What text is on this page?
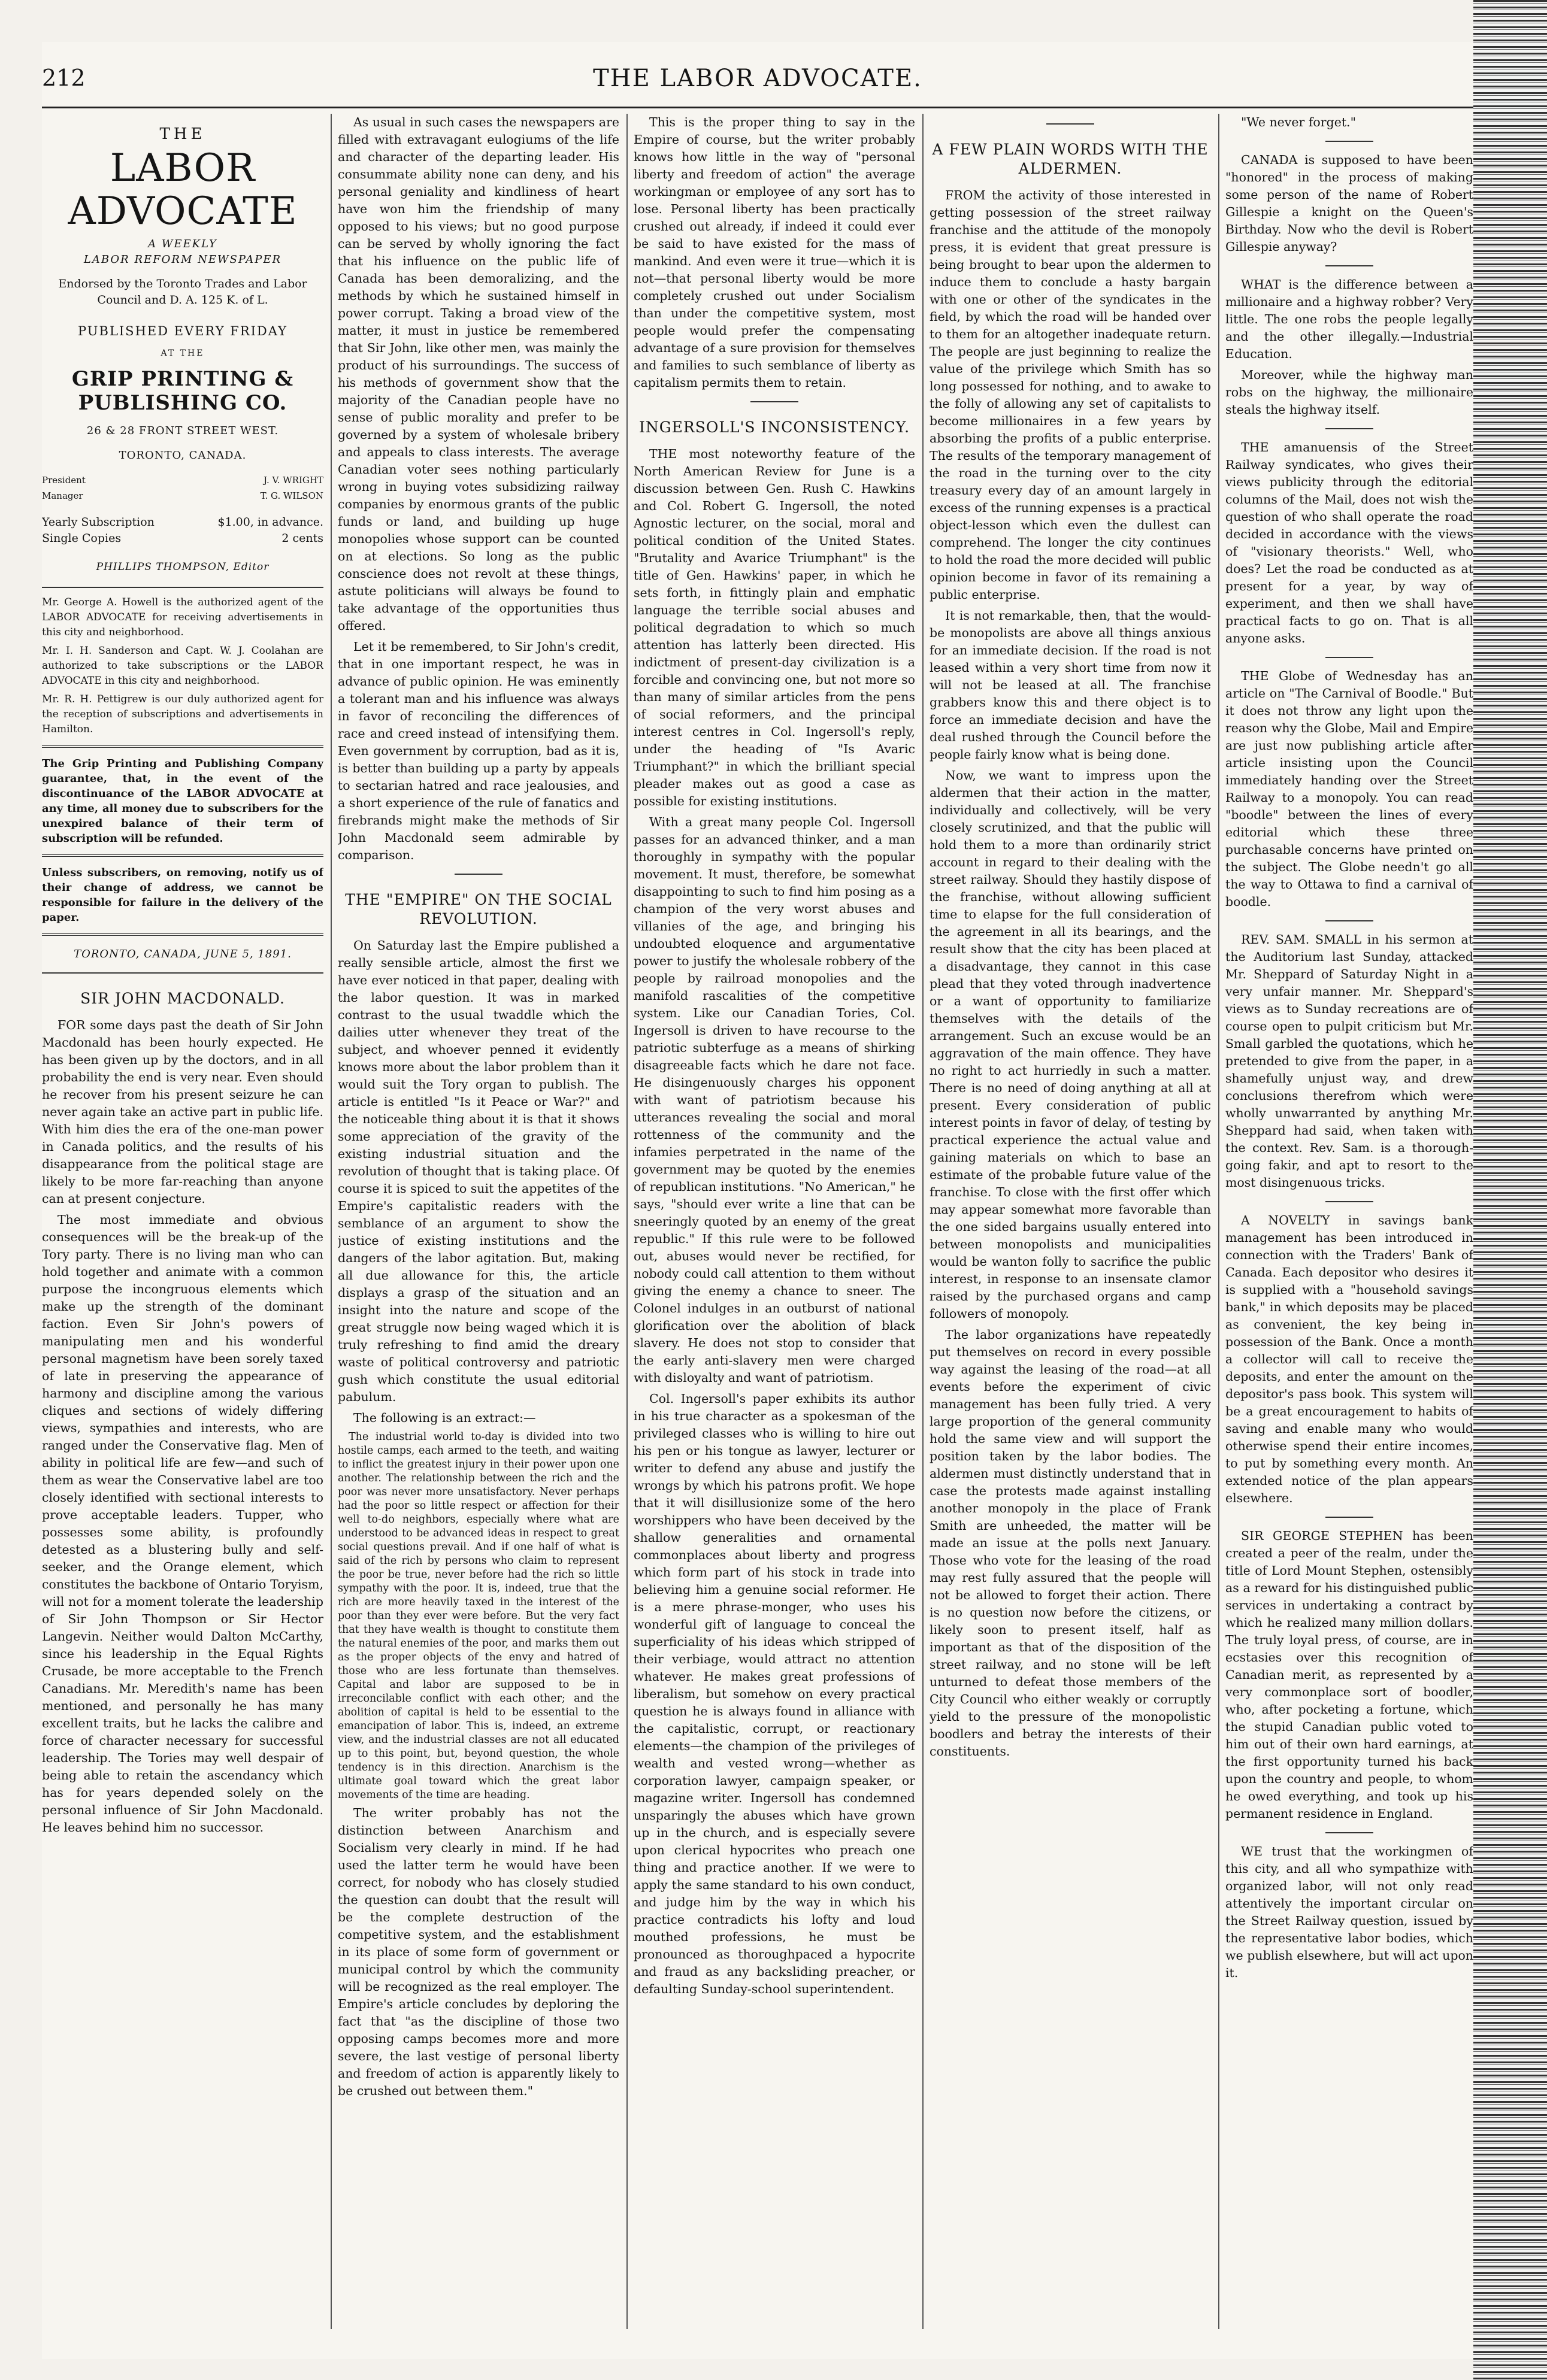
212	THE LABOR ADVOCATE.
THE
LABOR ADVOCATE
A WEEKLY
LABOR REFORM NEWSPAPER
Endorsed by the Toronto Trades and Labor Council and D. A. 125 K. of L.
PUBLISHED EVERY FRIDAY
AT THE
GRIP PRINTING & PUBLISHING CO.
26 & 28 FRONT STREET WEST.
TORONTO, CANADA.
President	J. V. WRIGHT
Manager	T. G. WILSON
Yearly Subscription	$1.00, in advance.
Single Copies	2 cents
PHILLIPS THOMPSON, Editor
Mr. George A. Howell is the authorized agent of the LABOR ADVOCATE for receiving advertisements in this city and neighborhood.
Mr. I. H. Sanderson and Capt. W. J. Coolahan are authorized to take subscriptions or the LABOR ADVOCATE in this city and neighborhood.
Mr. R. H. Pettigrew is our duly authorized agent for the reception of subscriptions and advertisements in Hamilton.
The Grip Printing and Publishing Company guarantee, that, in the event of the discontinuance of the LABOR ADVOCATE at any time, all money due to subscribers for the unexpired balance of their term of subscription will be refunded.
Unless subscribers, on removing, notify us of their change of address, we cannot be responsible for failure in the delivery of the paper.
TORONTO, CANADA, JUNE 5, 1891.
SIR JOHN MACDONALD.

FOR some days past the death of Sir John Macdonald has been hourly expected. He has been given up by the doctors, and in all probability the end is very near. Even should he recover from his present seizure he can never again take an active part in public life. With him dies the era of the one-man power in Canada politics, and the results of his disappearance from the political stage are likely to be more far-reaching than anyone can at present conjecture.

The most immediate and obvious consequences will be the break-up of the Tory party. There is no living man who can hold together and animate with a common purpose the incongruous elements which make up the strength of the dominant faction. Even Sir John's powers of manipulating men and his wonderful personal magnetism have been sorely taxed of late in preserving the appearance of harmony and discipline among the various cliques and sections of widely differing views, sympathies and interests, who are ranged under the Conservative flag. Men of ability in political life are few—and such of them as wear the Conservative label are too closely identified with sectional interests to prove acceptable leaders. Tupper, who possesses some ability, is profoundly detested as a blustering bully and self-seeker, and the Orange element, which constitutes the backbone of Ontario Toryism, will not for a moment tolerate the leadership of Sir John Thompson or Sir Hector Langevin. Neither would Dalton McCarthy, since his leadership in the Equal Rights Crusade, be more acceptable to the French Canadians. Mr. Meredith's name has been mentioned, and personally he has many excellent traits, but he lacks the calibre and force of character necessary for successful leadership. The Tories may well despair of being able to retain the ascendancy which has for years depended solely on the personal influence of Sir John Macdonald. He leaves behind him no successor.

As usual in such cases the newspapers are filled with extravagant eulogiums of the life and character of the departing leader. His consummate ability none can deny, and his personal geniality and kindliness of heart have won him the friendship of many opposed to his views; but no good purpose can be served by wholly ignoring the fact that his influence on the public life of Canada has been demoralizing, and the methods by which he sustained himself in power corrupt. Taking a broad view of the matter, it must in justice be remembered that Sir John, like other men, was mainly the product of his surroundings. The success of his methods of government show that the majority of the Canadian people have no sense of public morality and prefer to be governed by a system of wholesale bribery and appeals to class interests. The average Canadian voter sees nothing particularly wrong in buying votes subsidizing railway companies by enormous grants of the public funds or land, and building up huge monopolies whose support can be counted on at elections. So long as the public conscience does not revolt at these things, astute politicians will always be found to take advantage of the opportunities thus offered.

Let it be remembered, to Sir John's credit, that in one important respect, he was in advance of public opinion. He was eminently a tolerant man and his influence was always in favor of reconciling the differences of race and creed instead of intensifying them. Even government by corruption, bad as it is, is better than building up a party by appeals to sectarian hatred and race jealousies, and a short experience of the rule of fanatics and firebrands might make the methods of Sir John Macdonald seem admirable by comparison.

THE "EMPIRE" ON THE SOCIAL REVOLUTION.

On Saturday last the Empire published a really sensible article, almost the first we have ever noticed in that paper, dealing with the labor question. It was in marked contrast to the usual twaddle which the dailies utter whenever they treat of the subject, and whoever penned it evidently knows more about the labor problem than it would suit the Tory organ to publish. The article is entitled "Is it Peace or War?" and the noticeable thing about it is that it shows some appreciation of the gravity of the existing industrial situation and the revolution of thought that is taking place. Of course it is spiced to suit the appetites of the Empire's capitalistic readers with the semblance of an argument to show the justice of existing institutions and the dangers of the labor agitation. But, making all due allowance for this, the article displays a grasp of the situation and an insight into the nature and scope of the great struggle now being waged which it is truly refreshing to find amid the dreary waste of political controversy and patriotic gush which constitute the usual editorial pabulum.

The following is an extract:—

The industrial world to-day is divided into two hostile camps, each armed to the teeth, and waiting to inflict the greatest injury in their power upon one another. The relationship between the rich and the poor was never more unsatisfactory. Never perhaps had the poor so little respect or affection for their well to-do neighbors, especially where what are understood to be advanced ideas in respect to great social questions prevail. And if one half of what is said of the rich by persons who claim to represent the poor be true, never before had the rich so little sympathy with the poor. It is, indeed, true that the rich are more heavily taxed in the interest of the poor than they ever were before. But the very fact that they have wealth is thought to constitute them the natural enemies of the poor, and marks them out as the proper objects of the envy and hatred of those who are less fortunate than themselves. Capital and labor are supposed to be in irreconcilable conflict with each other; and the abolition of capital is held to be essential to the emancipation of labor. This is, indeed, an extreme view, and the industrial classes are not all educated up to this point, but, beyond question, the whole tendency is in this direction. Anarchism is the ultimate goal toward which the great labor movements of the time are heading.

The writer probably has not the distinction between Anarchism and Socialism very clearly in mind. If he had used the latter term he would have been correct, for nobody who has closely studied the question can doubt that the result will be the complete destruction of the competitive system, and the establishment in its place of some form of government or municipal control by which the community will be recognized as the real employer. The Empire's article concludes by deploring the fact that "as the discipline of those two opposing camps becomes more and more severe, the last vestige of personal liberty and freedom of action is apparently likely to be crushed out between them."

This is the proper thing to say in the Empire of course, but the writer probably knows how little in the way of "personal liberty and freedom of action" the average workingman or employee of any sort has to lose. Personal liberty has been practically crushed out already, if indeed it could ever be said to have existed for the mass of mankind. And even were it true—which it is not—that personal liberty would be more completely crushed out under Socialism than under the competitive system, most people would prefer the compensating advantage of a sure provision for themselves and families to such semblance of liberty as capitalism permits them to retain.

INGERSOLL'S INCONSISTENCY.

THE most noteworthy feature of the North American Review for June is a discussion between Gen. Rush C. Hawkins and Col. Robert G. Ingersoll, the noted Agnostic lecturer, on the social, moral and political condition of the United States. "Brutality and Avarice Triumphant" is the title of Gen. Hawkins' paper, in which he sets forth, in fittingly plain and emphatic language the terrible social abuses and political degradation to which so much attention has latterly been directed. His indictment of present-day civilization is a forcible and convincing one, but not more so than many of similar articles from the pens of social reformers, and the principal interest centres in Col. Ingersoll's reply, under the heading of "Is Avaric Triumphant?" in which the brilliant special pleader makes out as good a case as possible for existing institutions.

With a great many people Col. Ingersoll passes for an advanced thinker, and a man thoroughly in sympathy with the popular movement. It must, therefore, be somewhat disappointing to such to find him posing as a champion of the very worst abuses and villanies of the age, and bringing his undoubted eloquence and argumentative power to justify the wholesale robbery of the people by railroad monopolies and the manifold rascalities of the competitive system. Like our Canadian Tories, Col. Ingersoll is driven to have recourse to the patriotic subterfuge as a means of shirking disagreeable facts which he dare not face. He disingenuously charges his opponent with want of patriotism because his utterances revealing the social and moral rottenness of the community and the infamies perpetrated in the name of the government may be quoted by the enemies of republican institutions. "No American," he says, "should ever write a line that can be sneeringly quoted by an enemy of the great republic." If this rule were to be followed out, abuses would never be rectified, for nobody could call attention to them without giving the enemy a chance to sneer. The Colonel indulges in an outburst of national glorification over the abolition of black slavery. He does not stop to consider that the early anti-slavery men were charged with disloyalty and want of patriotism.

Col. Ingersoll's paper exhibits its author in his true character as a spokesman of the privileged classes who is willing to hire out his pen or his tongue as lawyer, lecturer or writer to defend any abuse and justify the wrongs by which his patrons profit. We hope that it will disillusionize some of the hero worshippers who have been deceived by the shallow generalities and ornamental commonplaces about liberty and progress which form part of his stock in trade into believing him a genuine social reformer. He is a mere phrase-monger, who uses his wonderful gift of language to conceal the superficiality of his ideas which stripped of their verbiage, would attract no attention whatever. He makes great professions of liberalism, but somehow on every practical question he is always found in alliance with the capitalistic, corrupt, or reactionary elements—the champion of the privileges of wealth and vested wrong—whether as corporation lawyer, campaign speaker, or magazine writer. Ingersoll has condemned unsparingly the abuses which have grown up in the church, and is especially severe upon clerical hypocrites who preach one thing and practice another. If we were to apply the same standard to his own conduct, and judge him by the way in which his practice contradicts his lofty and loud mouthed professions, he must be pronounced as thoroughpaced a hypocrite and fraud as any backsliding preacher, or defaulting Sunday-school superintendent.

A FEW PLAIN WORDS WITH THE ALDERMEN.

FROM the activity of those interested in getting possession of the street railway franchise and the attitude of the monopoly press, it is evident that great pressure is being brought to bear upon the aldermen to induce them to conclude a hasty bargain with one or other of the syndicates in the field, by which the road will be handed over to them for an altogether inadequate return. The people are just beginning to realize the value of the privilege which Smith has so long possessed for nothing, and to awake to the folly of allowing any set of capitalists to become millionaires in a few years by absorbing the profits of a public enterprise. The results of the temporary management of the road in the turning over to the city treasury every day of an amount largely in excess of the running expenses is a practical object-lesson which even the dullest can comprehend. The longer the city continues to hold the road the more decided will public opinion become in favor of its remaining a public enterprise.

It is not remarkable, then, that the would-be monopolists are above all things anxious for an immediate decision. If the road is not leased within a very short time from now it will not be leased at all. The franchise grabbers know this and there object is to force an immediate decision and have the deal rushed through the Council before the people fairly know what is being done.

Now, we want to impress upon the aldermen that their action in the matter, individually and collectively, will be very closely scrutinized, and that the public will hold them to a more than ordinarily strict account in regard to their dealing with the street railway. Should they hastily dispose of the franchise, without allowing sufficient time to elapse for the full consideration of the agreement in all its bearings, and the result show that the city has been placed at a disadvantage, they cannot in this case plead that they voted through inadvertence or a want of opportunity to familiarize themselves with the details of the arrangement. Such an excuse would be an aggravation of the main offence. They have no right to act hurriedly in such a matter. There is no need of doing anything at all at present. Every consideration of public interest points in favor of delay, of testing by practical experience the actual value and gaining materials on which to base an estimate of the probable future value of the franchise. To close with the first offer which may appear somewhat more favorable than the one sided bargains usually entered into between monopolists and municipalities would be wanton folly to sacrifice the public interest, in response to an insensate clamor raised by the purchased organs and camp followers of monopoly.

The labor organizations have repeatedly put themselves on record in every possible way against the leasing of the road—at all events before the experiment of civic management has been fully tried. A very large proportion of the general community hold the same view and will support the position taken by the labor bodies. The aldermen must distinctly understand that in case the protests made against installing another monopoly in the place of Frank Smith are unheeded, the matter will be made an issue at the polls next January. Those who vote for the leasing of the road may rest fully assured that the people will not be allowed to forget their action. There is no question now before the citizens, or likely soon to present itself, half as important as that of the disposition of the street railway, and no stone will be left unturned to defeat those members of the City Council who either weakly or corruptly yield to the pressure of the monopolistic boodlers and betray the interests of their constituents.

"We never forget."

CANADA is supposed to have been "honored" in the process of making some person of the name of Robert Gillespie a knight on the Queen's Birthday. Now who the devil is Robert Gillespie anyway?

WHAT is the difference between a millionaire and a highway robber? Very little. The one robs the people legally and the other illegally.—Industrial Education.

Moreover, while the highway man robs on the highway, the millionaire steals the highway itself.

THE amanuensis of the Street Railway syndicates, who gives their views publicity through the editorial columns of the Mail, does not wish the question of who shall operate the road decided in accordance with the views of "visionary theorists." Well, who does? Let the road be conducted as at present for a year, by way of experiment, and then we shall have practical facts to go on. That is all anyone asks.

THE Globe of Wednesday has an article on "The Carnival of Boodle." But it does not throw any light upon the reason why the Globe, Mail and Empire are just now publishing article after article insisting upon the Council immediately handing over the Street Railway to a monopoly. You can read "boodle" between the lines of every editorial which these three purchasable concerns have printed on the subject. The Globe needn't go all the way to Ottawa to find a carnival of boodle.

REV. SAM. SMALL in his sermon at the Auditorium last Sunday, attacked Mr. Sheppard of Saturday Night in a very unfair manner. Mr. Sheppard's views as to Sunday recreations are of course open to pulpit criticism but Mr. Small garbled the quotations, which he pretended to give from the paper, in a shamefully unjust way, and drew conclusions therefrom which were wholly unwarranted by anything Mr. Sheppard had said, when taken with the context. Rev. Sam. is a thorough-going fakir, and apt to resort to the most disingenuous tricks.

A NOVELTY in savings bank management has been introduced in connection with the Traders' Bank of Canada. Each depositor who desires it is supplied with a "household savings bank," in which deposits may be placed as convenient, the key being in possession of the Bank. Once a month a collector will call to receive the deposits, and enter the amount on the depositor's pass book. This system will be a great encouragement to habits of saving and enable many who would otherwise spend their entire incomes, to put by something every month. An extended notice of the plan appears elsewhere.

SIR GEORGE STEPHEN has been created a peer of the realm, under the title of Lord Mount Stephen, ostensibly as a reward for his distinguished public services in undertaking a contract by which he realized many million dollars. The truly loyal press, of course, are in ecstasies over this recognition of Canadian merit, as represented by a very commonplace sort of boodler, who, after pocketing a fortune, which the stupid Canadian public voted to him out of their own hard earnings, at the first opportunity turned his back upon the country and people, to whom he owed everything, and took up his permanent residence in England.

WE trust that the workingmen of this city, and all who sympathize with organized labor, will not only read attentively the important circular on the Street Railway question, issued by the representative labor bodies, which we publish elsewhere, but will act upon it.
